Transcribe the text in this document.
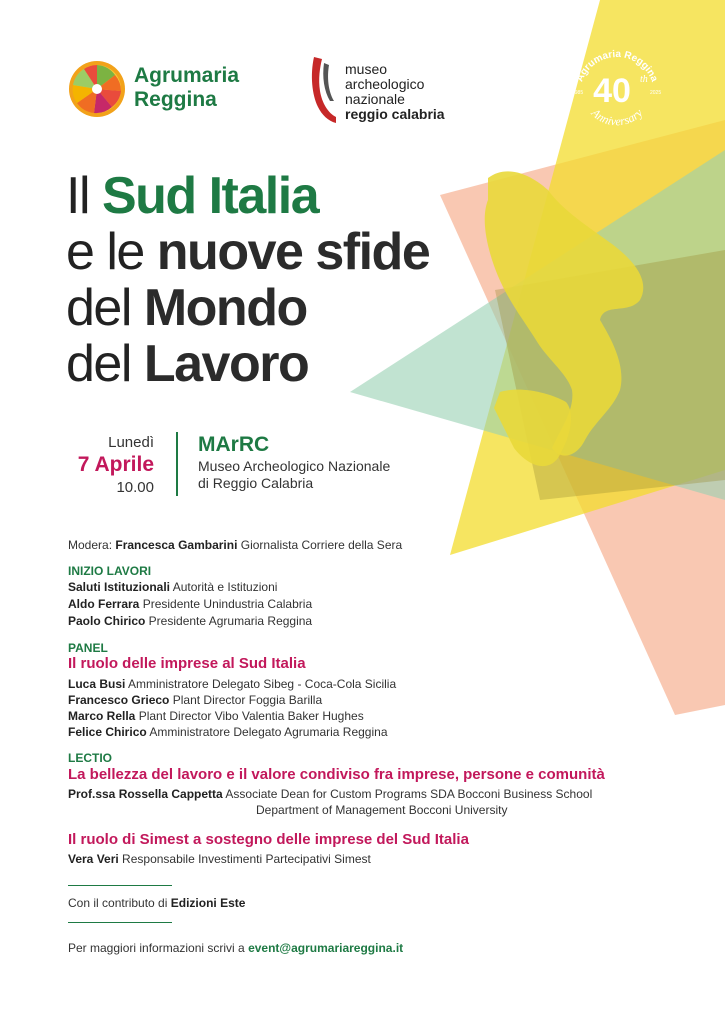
Agrumaria
Reggina
museo
archeologico
nazionale
reggio calabria
Agrumaria Reggina
40 th
1985	2025
Anniversary
Il Sud Italia
e le nuove sfide
del Mondo
del Lavoro
Lunedì
7 Aprile
10.00
MArRC
Museo Archeologico Nazionale
di Reggio Calabria
Modera: Francesca Gambarini Giornalista Corriere della Sera
INIZIO LAVORI
Saluti Istituzionali Autorità e Istituzioni
Aldo Ferrara Presidente Unindustria Calabria
Paolo Chirico Presidente Agrumaria Reggina
PANEL
Il ruolo delle imprese al Sud Italia
Luca Busi Amministratore Delegato Sibeg - Coca-Cola Sicilia
Francesco Grieco Plant Director Foggia Barilla
Marco Rella Plant Director Vibo Valentia Baker Hughes
Felice Chirico Amministratore Delegato Agrumaria Reggina
LECTIO
La bellezza del lavoro e il valore condiviso fra imprese, persone e comunità
Prof.ssa Rossella Cappetta Associate Dean for Custom Programs SDA Bocconi Business School
Department of Management Bocconi University
Il ruolo di Simest a sostegno delle imprese del Sud Italia
Vera Veri Responsabile Investimenti Partecipativi Simest
Con il contributo di Edizioni Este
Per maggiori informazioni scrivi a event@agrumariareggina.it
